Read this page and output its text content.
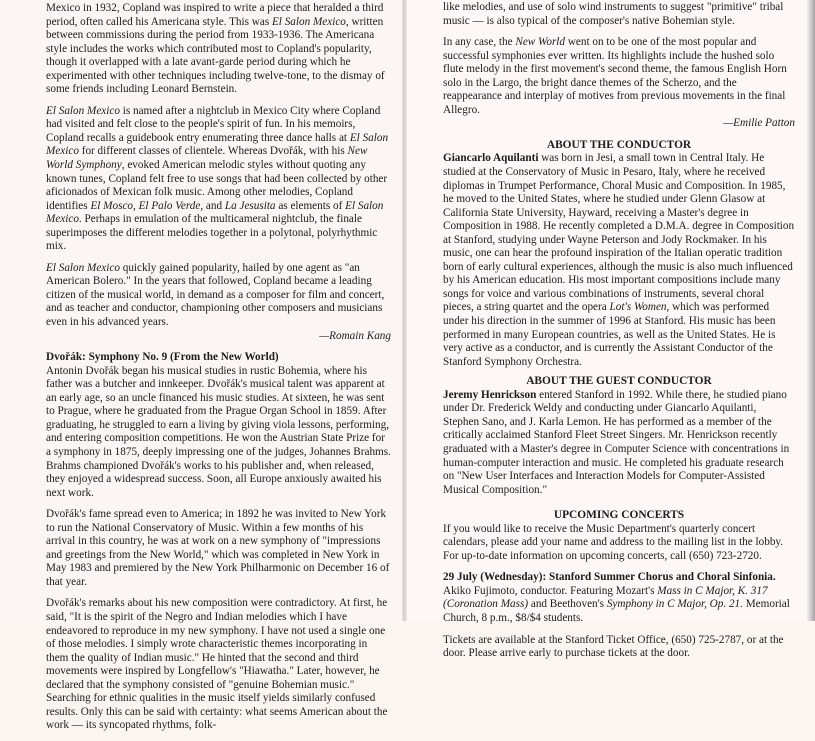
Mexico in 1932, Copland was inspired to write a piece that heralded a third period, often called his Americana style. This was El Salon Mexico, written between commissions during the period from 1933-1936. The Americana style includes the works which contributed most to Copland's popularity, though it overlapped with a late avant-garde period during which he experimented with other techniques including twelve-tone, to the dismay of some friends including Leonard Bernstein.

El Salon Mexico is named after a nightclub in Mexico City where Copland had visited and felt close to the people's spirit of fun. In his memoirs, Copland recalls a guidebook entry enumerating three dance halls at El Salon Mexico for different classes of clientele. Whereas Dvořák, with his New World Symphony, evoked American melodic styles without quoting any known tunes, Copland felt free to use songs that had been collected by other aficionados of Mexican folk music. Among other melodies, Copland identifies El Mosco, El Palo Verde, and La Jesusita as elements of El Salon Mexico. Perhaps in emulation of the multicameral nightclub, the finale superimposes the different melodies together in a polytonal, polyrhythmic mix.

El Salon Mexico quickly gained popularity, hailed by one agent as "an American Bolero." In the years that followed, Copland became a leading citizen of the musical world, in demand as a composer for film and concert, and as teacher and conductor, championing other composers and musicians even in his advanced years.
—Romain Kang

Dvořák: Symphony No. 9 (From the New World)

Antonin Dvořák began his musical studies in rustic Bohemia, where his father was a butcher and innkeeper. Dvořák's musical talent was apparent at an early age, so an uncle financed his music studies. At sixteen, he was sent to Prague, where he graduated from the Prague Organ School in 1859. After graduating, he struggled to earn a living by giving viola lessons, performing, and entering composition competitions. He won the Austrian State Prize for a symphony in 1875, deeply impressing one of the judges, Johannes Brahms. Brahms championed Dvořák's works to his publisher and, when released, they enjoyed a widespread success. Soon, all Europe anxiously awaited his next work.

Dvořák's fame spread even to America; in 1892 he was invited to New York to run the National Conservatory of Music. Within a few months of his arrival in this country, he was at work on a new symphony of "impressions and greetings from the New World," which was completed in New York in May 1983 and premiered by the New York Philharmonic on December 16 of that year.

Dvořák's remarks about his new composition were contradictory. At first, he said, "It is the spirit of the Negro and Indian melodies which I have endeavored to reproduce in my new symphony. I have not used a single one of those melodies. I simply wrote characteristic themes incorporating in them the quality of Indian music." He hinted that the second and third movements were inspired by Longfellow's "Hiawatha." Later, however, he declared that the symphony consisted of "genuine Bohemian music." Searching for ethnic qualities in the music itself yields similarly confused results. Only this can be said with certainty: what seems American about the work — its syncopated rhythms, folk-

like melodies, and use of solo wind instruments to suggest "primitive" tribal music — is also typical of the composer's native Bohemian style.

In any case, the New World went on to be one of the most popular and successful symphonies ever written. Its highlights include the hushed solo flute melody in the first movement's second theme, the famous English Horn solo in the Largo, the bright dance themes of the Scherzo, and the reappearance and interplay of motives from previous movements in the final Allegro.
—Emilie Patton

ABOUT THE CONDUCTOR

Giancarlo Aquilanti was born in Jesi, a small town in Central Italy. He studied at the Conservatory of Music in Pesaro, Italy, where he received diplomas in Trumpet Performance, Choral Music and Composition. In 1985, he moved to the United States, where he studied under Glenn Glasow at California State University, Hayward, receiving a Master's degree in Composition in 1988. He recently completed a D.M.A. degree in Composition at Stanford, studying under Wayne Peterson and Jody Rockmaker. In his music, one can hear the profound inspiration of the Italian operatic tradition born of early cultural experiences, although the music is also much influenced by his American education. His most important compositions include many songs for voice and various combinations of instruments, several choral pieces, a string quartet and the opera Lot's Women, which was performed under his direction in the summer of 1996 at Stanford. His music has been performed in many European countries, as well as the United States. He is very active as a conductor, and is currently the Assistant Conductor of the Stanford Symphony Orchestra.

ABOUT THE GUEST CONDUCTOR

Jeremy Henrickson entered Stanford in 1992. While there, he studied piano under Dr. Frederick Weldy and conducting under Giancarlo Aquilanti, Stephen Sano, and J. Karla Lemon. He has performed as a member of the critically acclaimed Stanford Fleet Street Singers. Mr. Henrickson recently graduated with a Master's degree in Computer Science with concentrations in human-computer interaction and music. He completed his graduate research on "New User Interfaces and Interaction Models for Computer-Assisted Musical Composition."

UPCOMING CONCERTS

If you would like to receive the Music Department's quarterly concert calendars, please add your name and address to the mailing list in the lobby. For up-to-date information on upcoming concerts, call (650) 723-2720.

29 July (Wednesday): Stanford Summer Chorus and Choral Sinfonia. Akiko Fujimoto, conductor. Featuring Mozart's Mass in C Major, K. 317 (Coronation Mass) and Beethoven's Symphony in C Major, Op. 21. Memorial Church, 8 p.m., $8/$4 students.

Tickets are available at the Stanford Ticket Office, (650) 725-2787, or at the door. Please arrive early to purchase tickets at the door.
